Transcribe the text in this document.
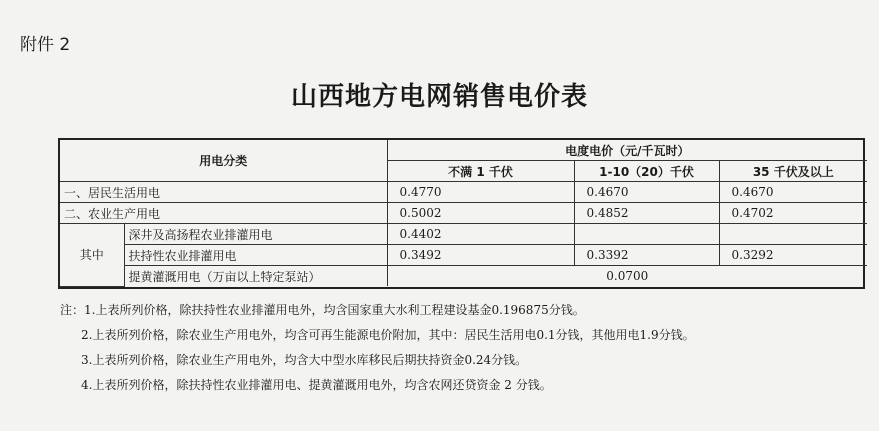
附件 2
山西地方电网销售电价表
用电分类		电度电价（元/千瓦时）		
		不满 1 千伏	1-10（20）千伏	35 千伏及以上
一、居民生活用电		0.4770	0.4670	0.4670
二、农业生产用电		0.5002	0.4852	0.4702
其中	深井及高扬程农业排灌用电	0.4402		
	扶持性农业排灌用电	0.3492	0.3392	0.3292
	提黄灌溉用电（万亩以上特定泵站）	0.0700		
注：1.上表所列价格，除扶持性农业排灌用电外，均含国家重大水利工程建设基金0.196875分钱。
2.上表所列价格，除农业生产用电外，均含可再生能源电价附加，其中：居民生活用电0.1分钱，其他用电1.9分钱。
3.上表所列价格，除农业生产用电外，均含大中型水库移民后期扶持资金0.24分钱。
4.上表所列价格，除扶持性农业排灌用电、提黄灌溉用电外，均含农网还贷资金 2 分钱。
